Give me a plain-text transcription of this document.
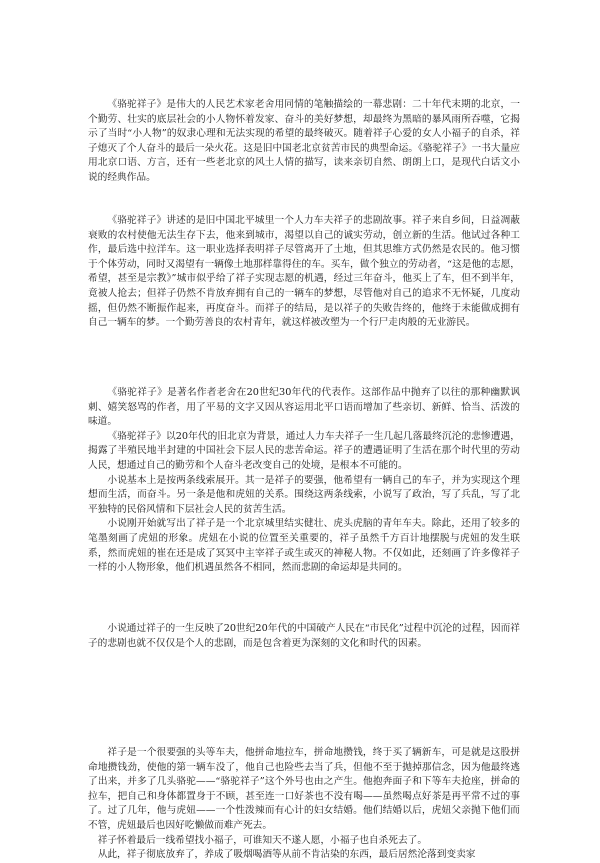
《骆驼祥子》是伟大的人民艺术家老舍用同情的笔触描绘的一幕悲剧：二十年代末期的北京，一个勤劳、壮实的底层社会的小人物怀着发家、奋斗的美好梦想，却最终为黑暗的暴风雨所吞噬，它揭示了当时“小人物”的奴隶心理和无法实现的希望的最终破灭。随着祥子心爱的女人小福子的自杀，祥子熄灭了个人奋斗的最后一朵火花。这是旧中国老北京贫苦市民的典型命运。《骆驼祥子》一书大量应用北京口语、方言，还有一些老北京的风土人情的描写，读来亲切自然、朗朗上口，是现代白话文小说的经典作品。

《骆驼祥子》讲述的是旧中国北平城里一个人力车夫祥子的悲剧故事。祥子来自乡间，日益凋蔽衰败的农村使他无法生存下去，他来到城市，渴望以自己的诚实劳动，创立新的生活。他试过各种工作，最后选中拉洋车。这一职业选择表明祥子尽管离开了土地，但其思维方式仍然是农民的。他习惯于个体劳动，同时又渴望有一辆像土地那样靠得住的车。买车，做个独立的劳动者，“这是他的志愿，希望，甚至是宗教》”城市似乎给了祥子实现志愿的机遇，经过三年奋斗，他买上了车，但不到半年，竟被人抢去；但祥子仍然不肯放弃拥有自己的一辆车的梦想，尽管他对自己的追求不无怀疑，几度动摇，但仍然不断振作起来，再度奋斗。而祥子的结局，是以祥子的失败告终的，他终于未能做成拥有自己一辆车的梦。一个勤劳善良的农村青年，就这样被改塑为一个行尸走肉般的无业游民。

《骆驼祥子》是著名作者老舍在20世纪30年代的代表作。这部作品中抛弃了以往的那种幽默讽刺、嬉笑怒骂的作者，用了平易的文字又因从容运用北平口语而增加了些亲切、新鲜、恰当、活泼的味道。

《骆驼祥子》以20年代的旧北京为背景，通过人力车夫祥子一生几起几落最终沉沦的悲惨遭遇，揭露了半殖民地半封建的中国社会下层人民的悲苦命运。祥子的遭遇证明了生活在那个时代里的劳动人民，想通过自己的勤劳和个人奋斗老改变自己的处境，是根本不可能的。

小说基本上是按两条线索展开。其一是祥子的要强，他希望有一辆自己的车子，并为实现这个理想而生活，而奋斗。另一条是他和虎妞的关系。围绕这两条线索，小说写了政治，写了兵乱，写了北平独特的民俗风情和下层社会人民的贫苦生活。

小说刚开始就写出了祥子是一个北京城里结实健壮、虎头虎脑的青年车夫。除此，还用了较多的笔墨刻画了虎妞的形象。虎妞在小说的位置至关重要的，祥子虽然千方百计地摆脱与虎妞的发生联系，然而虎妞的崔在还是成了冥冥中主宰祥子或生或灭的神秘人物。不仅如此，还刻画了许多像祥子一样的小人物形象，他们机遇虽然各不相同，然而悲剧的命运却是共同的。

小说通过祥子的一生反映了20世纪20年代的中国破产人民在“市民化”过程中沉沦的过程，因而祥子的悲剧也就不仅仅是个人的悲剧，而是包含着更为深刻的文化和时代的因素。

祥子是一个很要强的头等车夫，他拼命地拉车，拼命地攒钱，终于买了辆新车，可是就是这股拼命地攒钱劲，使他的第一辆车没了，他自己也险些去当了兵，但他不至于抛掉那信念，因为他最终逃了出来，并多了几头骆驼——“骆驼祥子”这个外号也由之产生。他抱奔面子和下等车夫抢座，拼命的拉车，把自己和身体都置身于不顾，甚至连一口好茶也不没有喝——虽然喝点好茶是再平常不过的事了。过了几年，他与虎妞——一个性泼辣而有心计的妇女结婚。他们结婚以后，虎妞父亲抛下他们而不管，虎妞最后也因好吃懒做而难产死去。

祥子怀着最后一线希望找小福子，可谁知天不遂人愿，小福子也自杀死去了。

从此，祥子彻底放弃了，养成了吸烟喝酒等从前不肯沾染的东西，最后居然沦落到变卖家
